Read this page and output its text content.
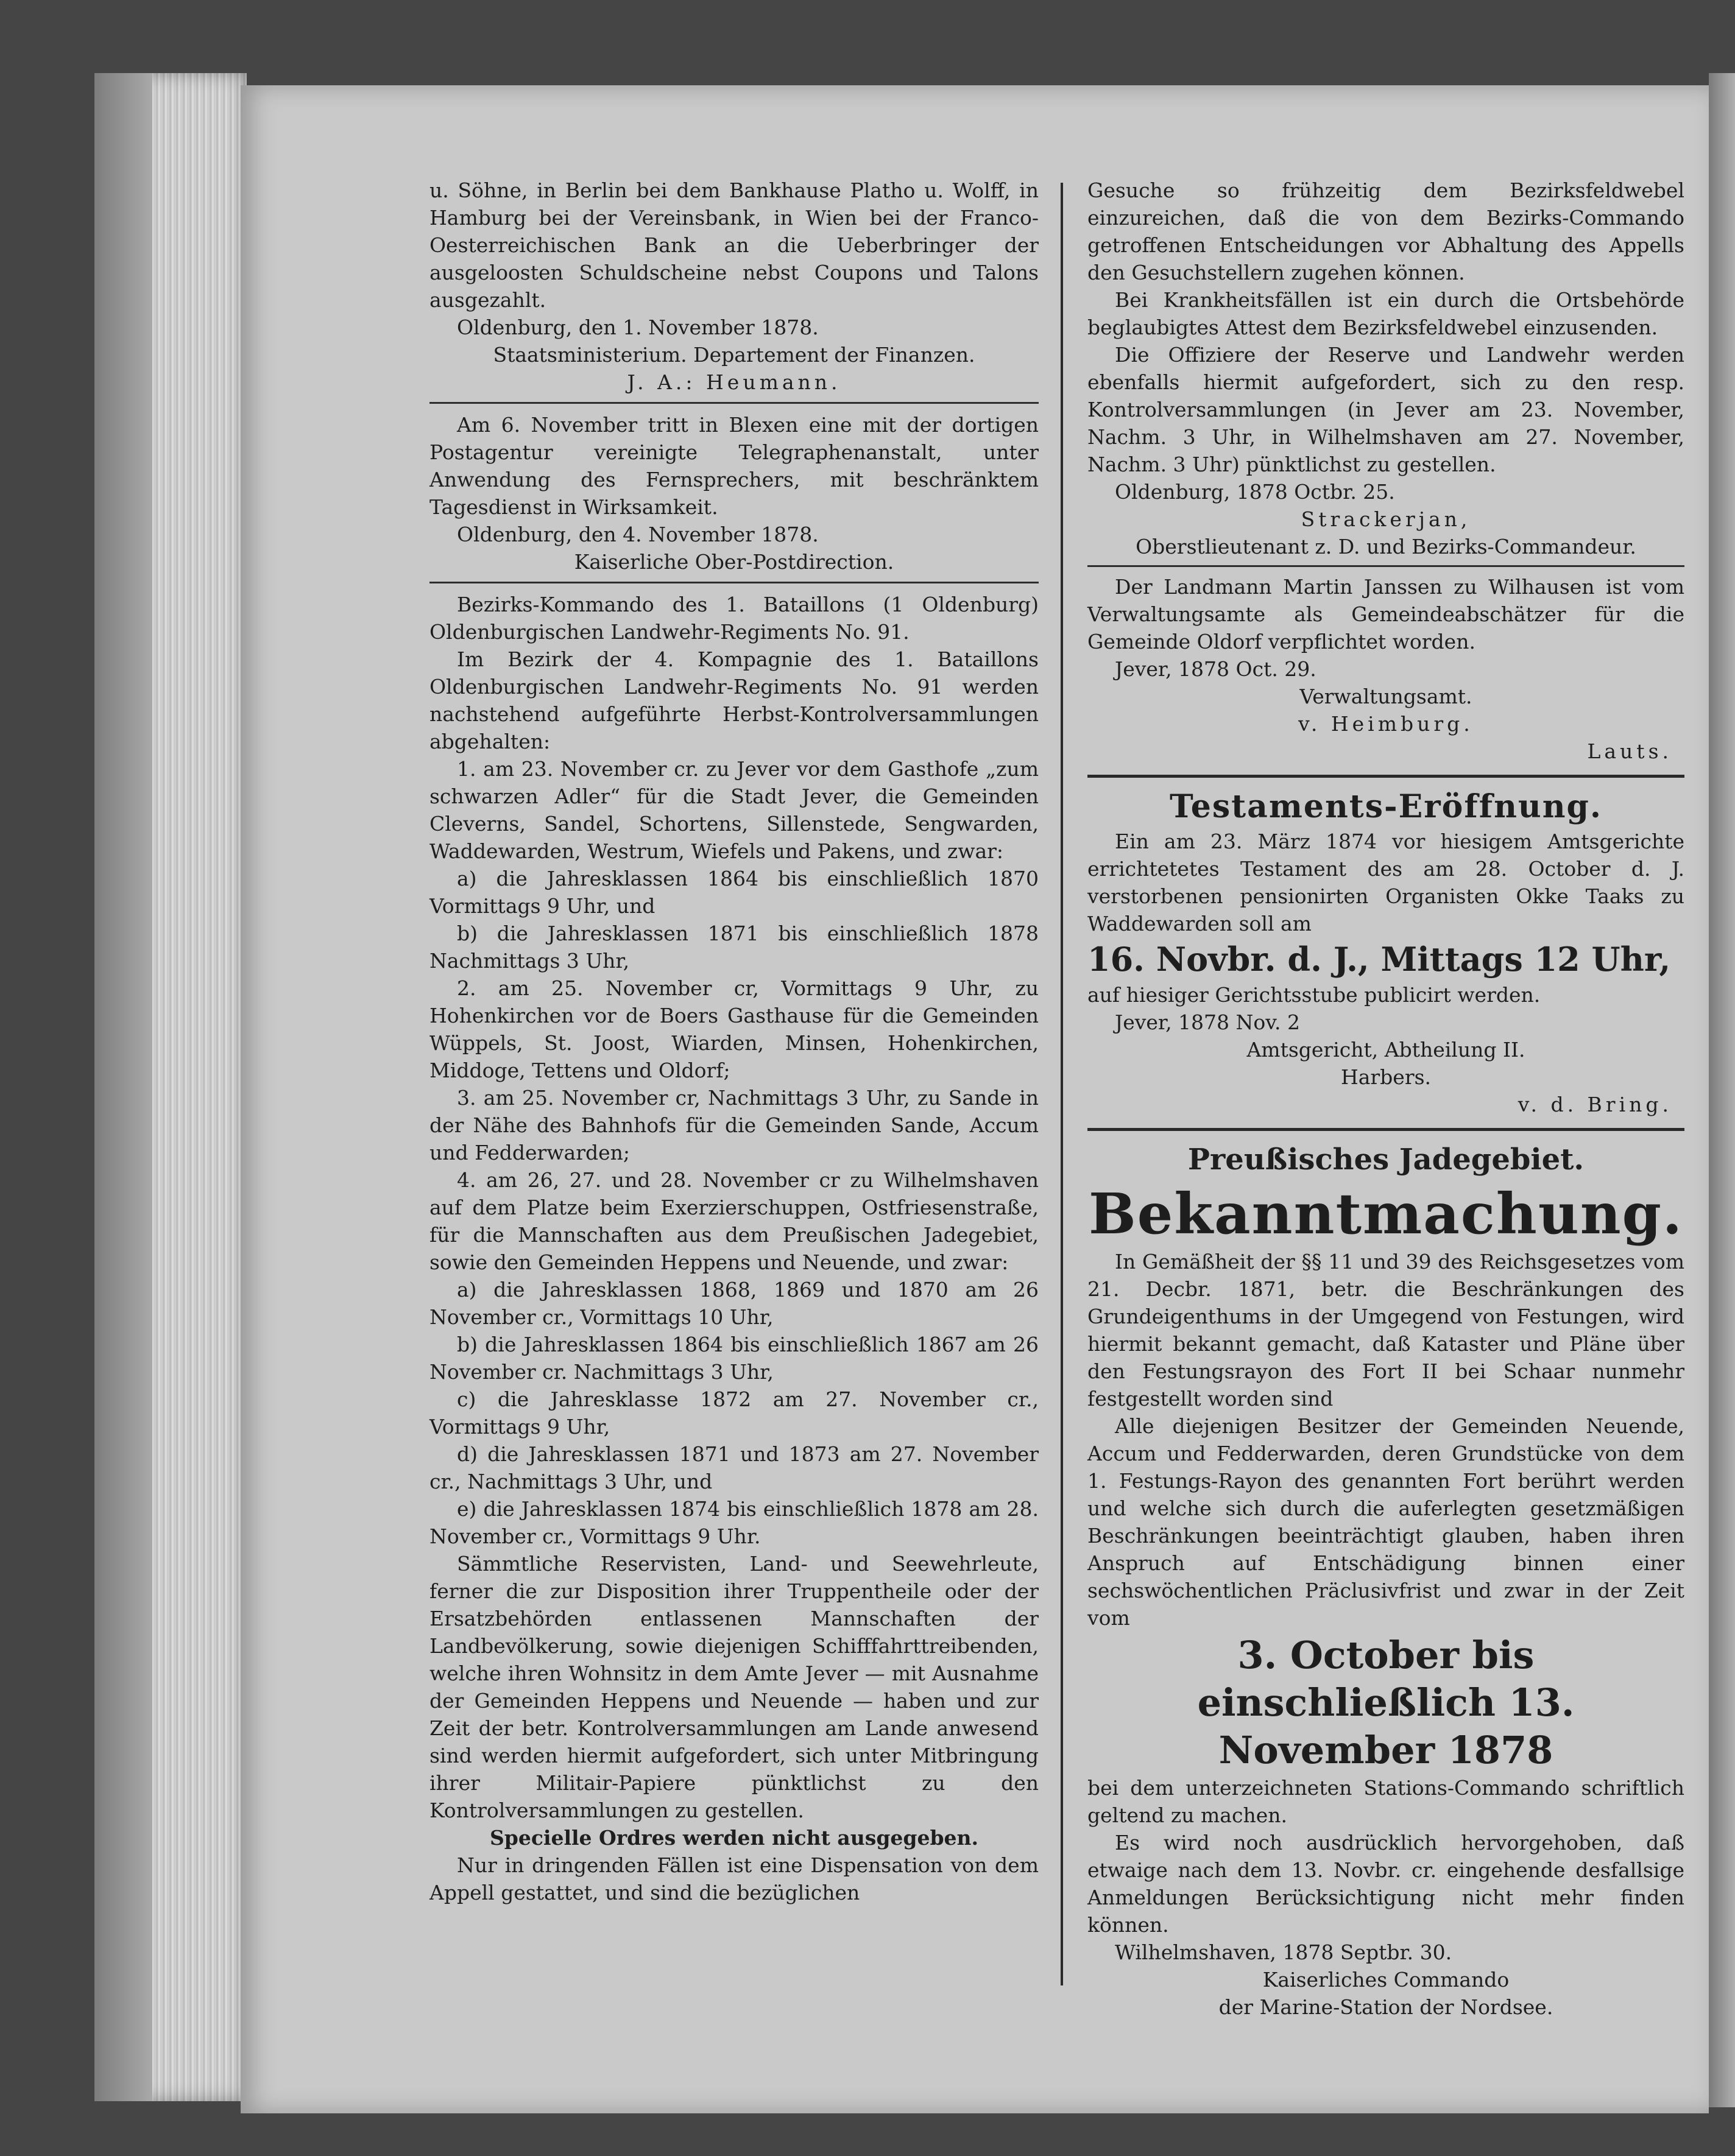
u. Söhne, in Berlin bei dem Bankhause Platho u. Wolff, in Hamburg bei der Vereinsbank, in Wien bei der Franco-Oesterreichischen Bank an die Ueberbringer der ausgeloosten Schuldscheine nebst Coupons und Talons ausgezahlt.

Oldenburg, den 1. November 1878.

Staatsministerium. Departement der Finanzen.

J. A.: Heumann.

Am 6. November tritt in Blexen eine mit der dortigen Postagentur vereinigte Telegraphenanstalt, unter Anwendung des Fernsprechers, mit beschränktem Tagesdienst in Wirksamkeit.

Oldenburg, den 4. November 1878.

Kaiserliche Ober-Postdirection.

Bezirks-Kommando des 1. Bataillons (1 Oldenburg) Oldenburgischen Landwehr-Regiments No. 91.

Im Bezirk der 4. Kompagnie des 1. Bataillons Oldenburgischen Landwehr-Regiments No. 91 werden nachstehend aufgeführte Herbst-Kontrolversammlungen abgehalten:

1. am 23. November cr. zu Jever vor dem Gasthofe „zum schwarzen Adler“ für die Stadt Jever, die Gemeinden Cleverns, Sandel, Schortens, Sillenstede, Sengwarden, Waddewarden, Westrum, Wiefels und Pakens, und zwar:

a) die Jahresklassen 1864 bis einschließlich 1870 Vormittags 9 Uhr, und

b) die Jahresklassen 1871 bis einschließlich 1878 Nachmittags 3 Uhr,

2. am 25. November cr, Vormittags 9 Uhr, zu Hohenkirchen vor de Boers Gasthause für die Gemeinden Wüppels, St. Joost, Wiarden, Minsen, Hohenkirchen, Middoge, Tettens und Oldorf;

3. am 25. November cr, Nachmittags 3 Uhr, zu Sande in der Nähe des Bahnhofs für die Gemeinden Sande, Accum und Fedderwarden;

4. am 26, 27. und 28. November cr zu Wilhelmshaven auf dem Platze beim Exerzierschuppen, Ostfriesenstraße, für die Mannschaften aus dem Preußischen Jadegebiet, sowie den Gemeinden Heppens und Neuende, und zwar:

a) die Jahresklassen 1868, 1869 und 1870 am 26 November cr., Vormittags 10 Uhr,

b) die Jahresklassen 1864 bis einschließlich 1867 am 26 November cr. Nachmittags 3 Uhr,

c) die Jahresklasse 1872 am 27. November cr., Vormittags 9 Uhr,

d) die Jahresklassen 1871 und 1873 am 27. November cr., Nachmittags 3 Uhr, und

e) die Jahresklassen 1874 bis einschließlich 1878 am 28. November cr., Vormittags 9 Uhr.

Sämmtliche Reservisten, Land- und Seewehrleute, ferner die zur Disposition ihrer Truppentheile oder der Ersatzbehörden entlassenen Mannschaften der Landbevölkerung, sowie diejenigen Schifffahrttreibenden, welche ihren Wohnsitz in dem Amte Jever — mit Ausnahme der Gemeinden Heppens und Neuende — haben und zur Zeit der betr. Kontrolversammlungen am Lande anwesend sind werden hiermit aufgefordert, sich unter Mitbringung ihrer Militair-Papiere pünktlichst zu den Kontrolversammlungen zu gestellen.

Specielle Ordres werden nicht ausgegeben.

Nur in dringenden Fällen ist eine Dispensation von dem Appell gestattet, und sind die bezüglichen

Gesuche so frühzeitig dem Bezirksfeldwebel einzureichen, daß die von dem Bezirks-Commando getroffenen Entscheidungen vor Abhaltung des Appells den Gesuchstellern zugehen können.

Bei Krankheitsfällen ist ein durch die Ortsbehörde beglaubigtes Attest dem Bezirksfeldwebel einzusenden.

Die Offiziere der Reserve und Landwehr werden ebenfalls hiermit aufgefordert, sich zu den resp. Kontrolversammlungen (in Jever am 23. November, Nachm. 3 Uhr, in Wilhelmshaven am 27. November, Nachm. 3 Uhr) pünktlichst zu gestellen.

Oldenburg, 1878 Octbr. 25.

Strackerjan,

Oberstlieutenant z. D. und Bezirks-Commandeur.

Der Landmann Martin Janssen zu Wilhausen ist vom Verwaltungsamte als Gemeindeabschätzer für die Gemeinde Oldorf verpflichtet worden.

Jever, 1878 Oct. 29.

Verwaltungsamt.

v. Heimburg.

Lauts.

Testaments-Eröffnung.

Ein am 23. März 1874 vor hiesigem Amtsgerichte errichtetetes Testament des am 28. October d. J. verstorbenen pensionirten Organisten Okke Taaks zu Waddewarden soll am

16. Novbr. d. J., Mittags 12 Uhr,

auf hiesiger Gerichtsstube publicirt werden.

Jever, 1878 Nov. 2

Amtsgericht, Abtheilung II.

Harbers.

v. d. Bring.

Preußisches Jadegebiet.

Bekanntmachung.

In Gemäßheit der §§ 11 und 39 des Reichsgesetzes vom 21. Decbr. 1871, betr. die Beschränkungen des Grundeigenthums in der Umgegend von Festungen, wird hiermit bekannt gemacht, daß Kataster und Pläne über den Festungsrayon des Fort II bei Schaar nunmehr festgestellt worden sind

Alle diejenigen Besitzer der Gemeinden Neuende, Accum und Fedderwarden, deren Grundstücke von dem 1. Festungs-Rayon des genannten Fort berührt werden und welche sich durch die auferlegten gesetzmäßigen Beschränkungen beeinträchtigt glauben, haben ihren Anspruch auf Entschädigung binnen einer sechswöchentlichen Präclusivfrist und zwar in der Zeit vom

3. October bis einschließlich 13.

November 1878

bei dem unterzeichneten Stations-Commando schriftlich geltend zu machen.

Es wird noch ausdrücklich hervorgehoben, daß etwaige nach dem 13. Novbr. cr. eingehende desfallsige Anmeldungen Berücksichtigung nicht mehr finden können.

Wilhelmshaven, 1878 Septbr. 30.

Kaiserliches Commando

der Marine-Station der Nordsee.
